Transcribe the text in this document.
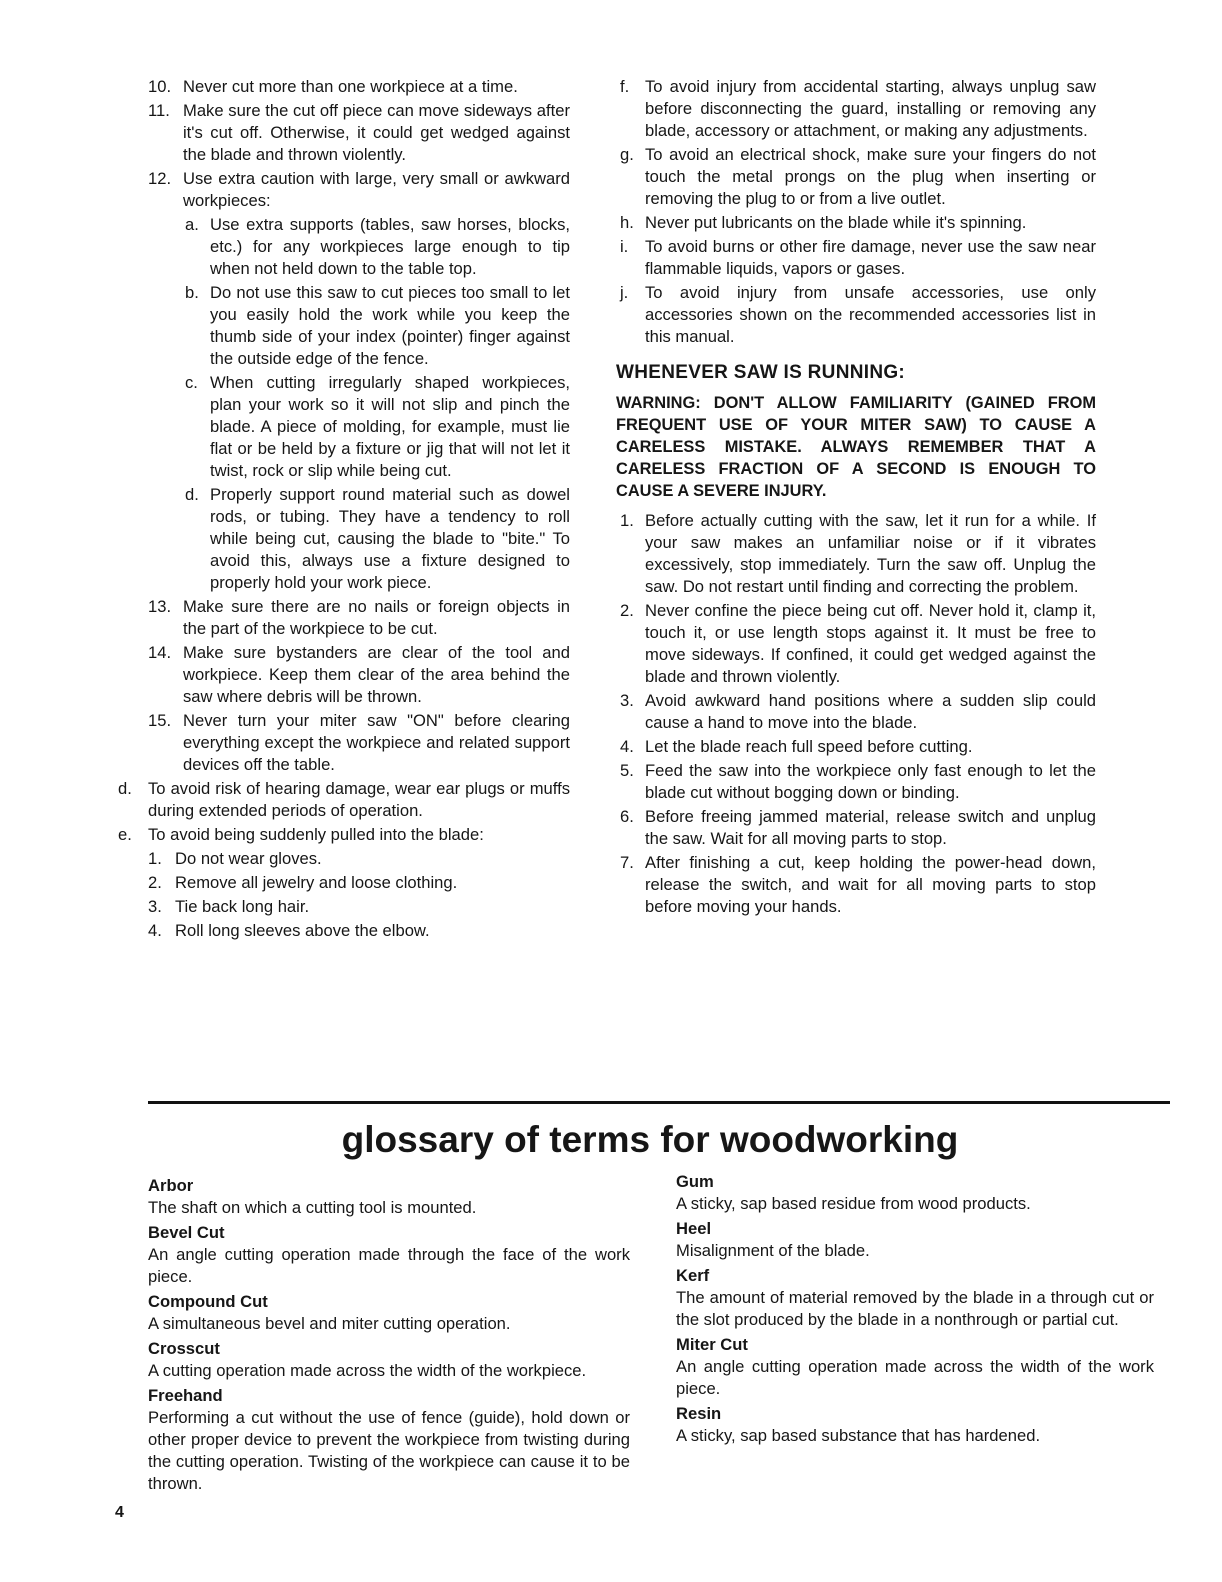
10. Never cut more than one workpiece at a time.
11. Make sure the cut off piece can move sideways after it's cut off. Otherwise, it could get wedged against the blade and thrown violently.
12. Use extra caution with large, very small or awkward workpieces:
a. Use extra supports (tables, saw horses, blocks, etc.) for any workpieces large enough to tip when not held down to the table top.
b. Do not use this saw to cut pieces too small to let you easily hold the work while you keep the thumb side of your index (pointer) finger against the outside edge of the fence.
c. When cutting irregularly shaped workpieces, plan your work so it will not slip and pinch the blade. A piece of molding, for example, must lie flat or be held by a fixture or jig that will not let it twist, rock or slip while being cut.
d. Properly support round material such as dowel rods, or tubing. They have a tendency to roll while being cut, causing the blade to "bite." To avoid this, always use a fixture designed to properly hold your work piece.
13. Make sure there are no nails or foreign objects in the part of the workpiece to be cut.
14. Make sure bystanders are clear of the tool and workpiece. Keep them clear of the area behind the saw where debris will be thrown.
15. Never turn your miter saw "ON" before clearing everything except the workpiece and related support devices off the table.
d. To avoid risk of hearing damage, wear ear plugs or muffs during extended periods of operation.
e. To avoid being suddenly pulled into the blade:
1. Do not wear gloves.
2. Remove all jewelry and loose clothing.
3. Tie back long hair.
4. Roll long sleeves above the elbow.
f. To avoid injury from accidental starting, always unplug saw before disconnecting the guard, installing or removing any blade, accessory or attachment, or making any adjustments.
g. To avoid an electrical shock, make sure your fingers do not touch the metal prongs on the plug when inserting or removing the plug to or from a live outlet.
h. Never put lubricants on the blade while it's spinning.
i. To avoid burns or other fire damage, never use the saw near flammable liquids, vapors or gases.
j. To avoid injury from unsafe accessories, use only accessories shown on the recommended accessories list in this manual.
WHENEVER SAW IS RUNNING:
WARNING: DON'T ALLOW FAMILIARITY (GAINED FROM FREQUENT USE OF YOUR MITER SAW) TO CAUSE A CARELESS MISTAKE. ALWAYS REMEMBER THAT A CARELESS FRACTION OF A SECOND IS ENOUGH TO CAUSE A SEVERE INJURY.
1. Before actually cutting with the saw, let it run for a while. If your saw makes an unfamiliar noise or if it vibrates excessively, stop immediately. Turn the saw off. Unplug the saw. Do not restart until finding and correcting the problem.
2. Never confine the piece being cut off. Never hold it, clamp it, touch it, or use length stops against it. It must be free to move sideways. If confined, it could get wedged against the blade and thrown violently.
3. Avoid awkward hand positions where a sudden slip could cause a hand to move into the blade.
4. Let the blade reach full speed before cutting.
5. Feed the saw into the workpiece only fast enough to let the blade cut without bogging down or binding.
6. Before freeing jammed material, release switch and unplug the saw. Wait for all moving parts to stop.
7. After finishing a cut, keep holding the power-head down, release the switch, and wait for all moving parts to stop before moving your hands.
glossary of terms for woodworking
Arbor
The shaft on which a cutting tool is mounted.
Bevel Cut
An angle cutting operation made through the face of the work piece.
Compound Cut
A simultaneous bevel and miter cutting operation.
Crosscut
A cutting operation made across the width of the workpiece.
Freehand
Performing a cut without the use of fence (guide), hold down or other proper device to prevent the workpiece from twisting during the cutting operation. Twisting of the workpiece can cause it to be thrown.
Gum
A sticky, sap based residue from wood products.
Heel
Misalignment of the blade.
Kerf
The amount of material removed by the blade in a through cut or the slot produced by the blade in a nonthrough or partial cut.
Miter Cut
An angle cutting operation made across the width of the work piece.
Resin
A sticky, sap based substance that has hardened.
4
